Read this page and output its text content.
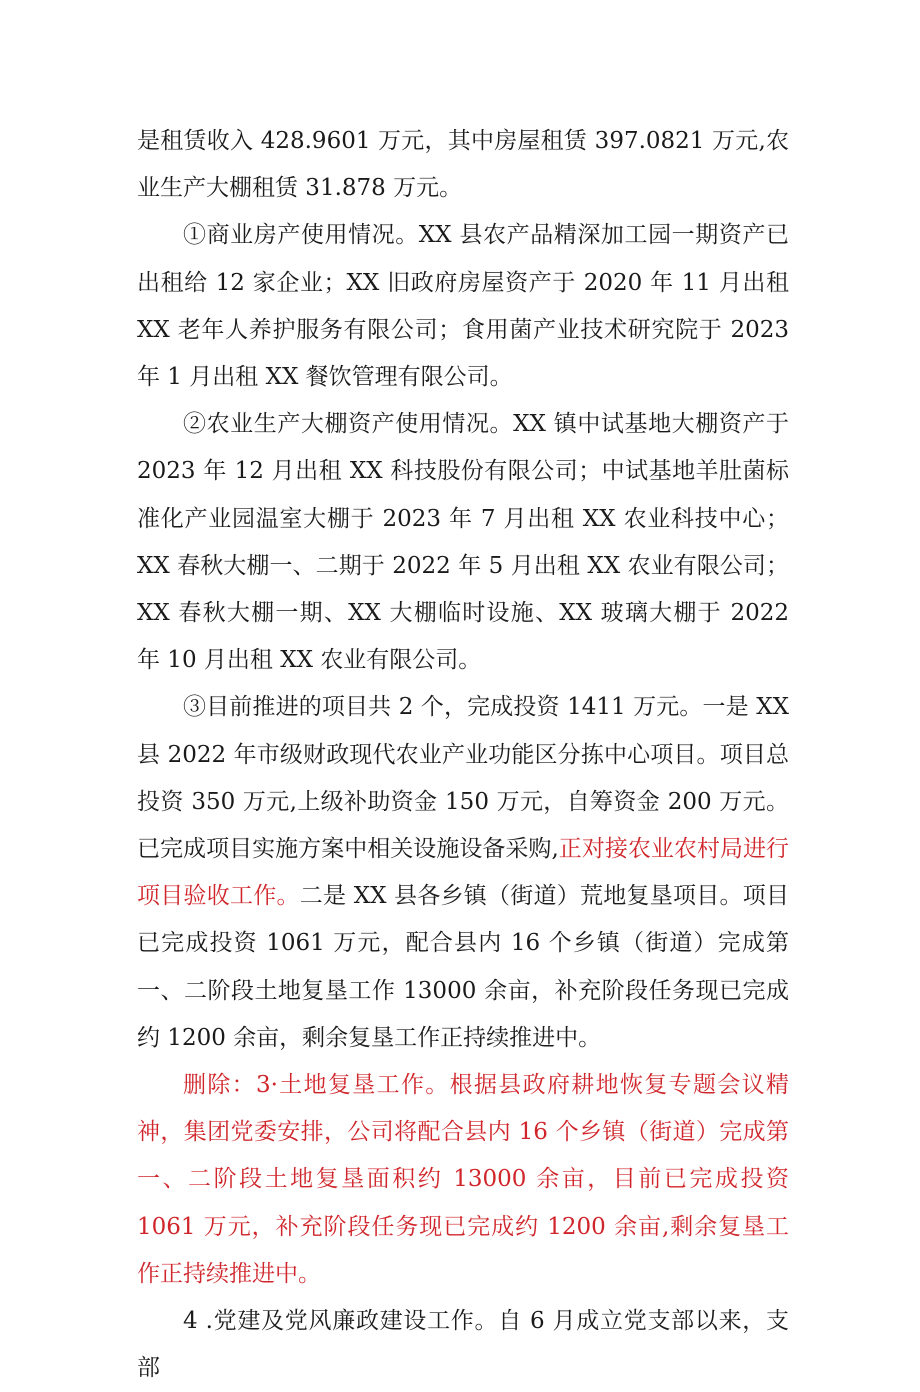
是租赁收入 428.9601 万元，其中房屋租赁 397.0821 万元,农业生产大棚租赁 31.878 万元。

①商业房产使用情况。XX 县农产品精深加工园一期资产已出租给 12 家企业；XX 旧政府房屋资产于 2020 年 11 月出租 XX 老年人养护服务有限公司；食用菌产业技术研究院于 2023 年 1 月出租 XX 餐饮管理有限公司。

②农业生产大棚资产使用情况。XX 镇中试基地大棚资产于 2023 年 12 月出租 XX 科技股份有限公司；中试基地羊肚菌标准化产业园温室大棚于 2023 年 7 月出租 XX 农业科技中心；XX 春秋大棚一、二期于 2022 年 5 月出租 XX 农业有限公司；XX 春秋大棚一期、XX 大棚临时设施、XX 玻璃大棚于 2022 年 10 月出租 XX 农业有限公司。

③目前推进的项目共 2 个，完成投资 1411 万元。一是 XX 县 2022 年市级财政现代农业产业功能区分拣中心项目。项目总投资 350 万元,上级补助资金 150 万元，自筹资金 200 万元。已完成项目实施方案中相关设施设备采购,正对接农业农村局进行项目验收工作。二是 XX 县各乡镇（街道）荒地复垦项目。项目已完成投资 1061 万元，配合县内 16 个乡镇（街道）完成第一、二阶段土地复垦工作 13000 余亩，补充阶段任务现已完成约 1200 余亩，剩余复垦工作正持续推进中。

删除：3·土地复垦工作。根据县政府耕地恢复专题会议精神，集团党委安排，公司将配合县内 16 个乡镇（街道）完成第一、二阶段土地复垦面积约 13000 余亩，目前已完成投资 1061 万元，补充阶段任务现已完成约 1200 余亩,剩余复垦工作正持续推进中。

4 .党建及党风廉政建设工作。自 6 月成立党支部以来，支部
